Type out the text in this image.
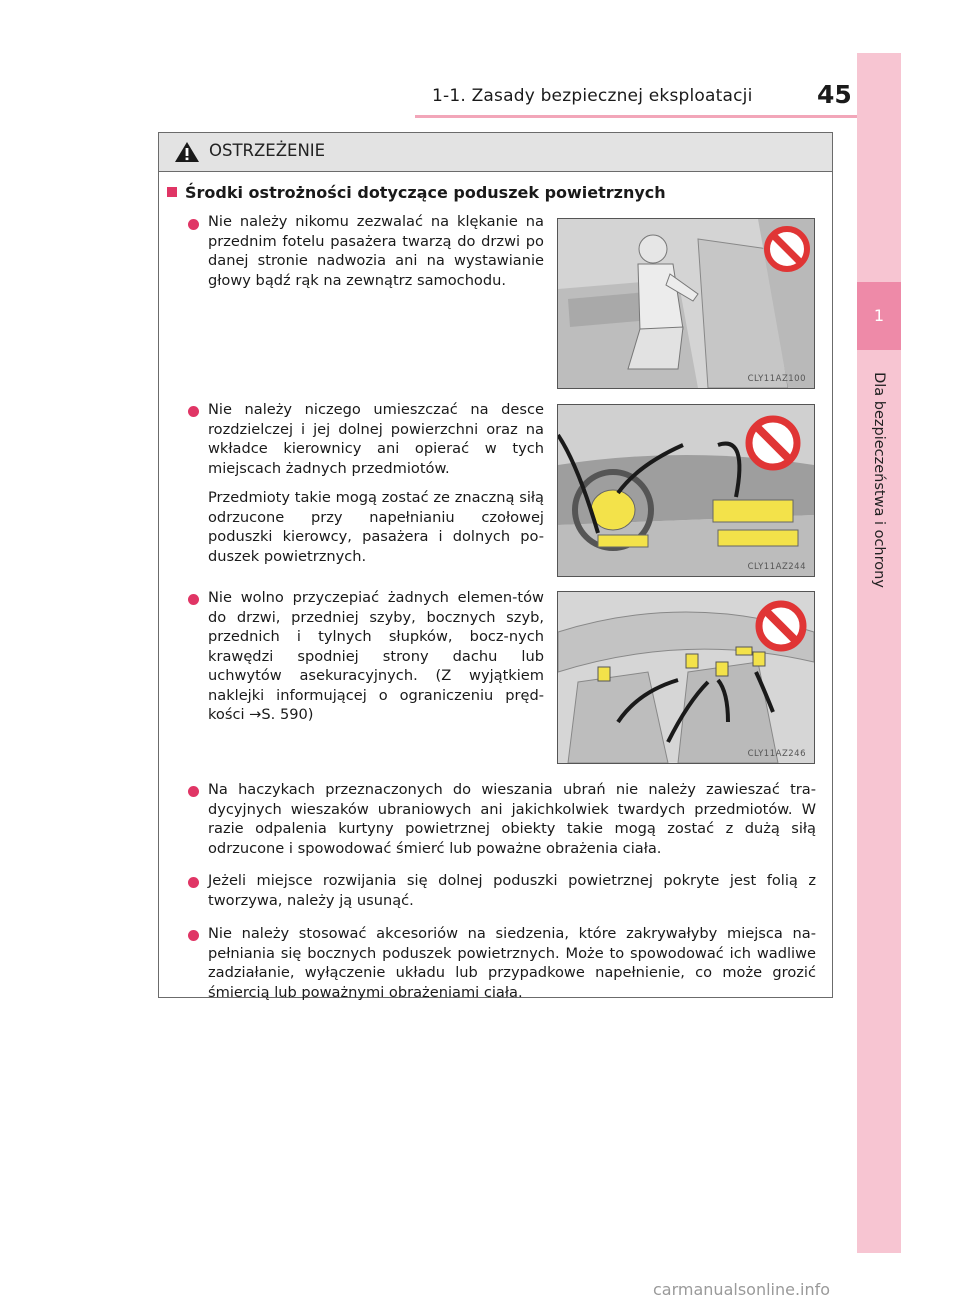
1-1. Zasady bezpiecznej eksploatacji	45
1
Dla bezpieczeństwa i ochrony
OSTRZEŻENIE
Środki ostrożności dotyczące poduszek powietrznych
Nie należy nikomu zezwalać na klękanie na przednim fotelu pasażera twarzą do drzwi po danej stronie nadwozia ani na wystawianie głowy bądź rąk na zewnątrz samochodu.
CLY11AZ100
Nie należy niczego umieszczać na desce rozdzielczej i jej dolnej powierzchni oraz na wkładce kierownicy ani opierać w tych miejscach żadnych przedmiotów.
Przedmioty takie mogą zostać ze znaczną siłą odrzucone przy napełnianiu czołowej poduszki kierowcy, pasażera i dolnych po-duszek powietrznych.
CLY11AZ244
Nie wolno przyczepiać żadnych elemen-tów do drzwi, przedniej szyby, bocznych szyb, przednich i tylnych słupków, bocz-nych krawędzi spodniej strony dachu lub uchwytów asekuracyjnych. (Z wyjątkiem naklejki informującej o ograniczeniu pręd-kości →S. 590)
CLY11AZ246
Na haczykach przeznaczonych do wieszania ubrań nie należy zawieszać tra-dycyjnych wieszaków ubraniowych ani jakichkolwiek twardych przedmiotów. W razie odpalenia kurtyny powietrznej obiekty takie mogą zostać z dużą siłą odrzucone i spowodować śmierć lub poważne obrażenia ciała.
Jeżeli miejsce rozwijania się dolnej poduszki powietrznej pokryte jest folią z tworzywa, należy ją usunąć.
Nie należy stosować akcesoriów na siedzenia, które zakrywałyby miejsca na-pełniania się bocznych poduszek powietrznych. Może to spowodować ich wadliwe zadziałanie, wyłączenie układu lub przypadkowe napełnienie, co może grozić śmiercią lub poważnymi obrażeniami ciała.
carmanualsonline.info
